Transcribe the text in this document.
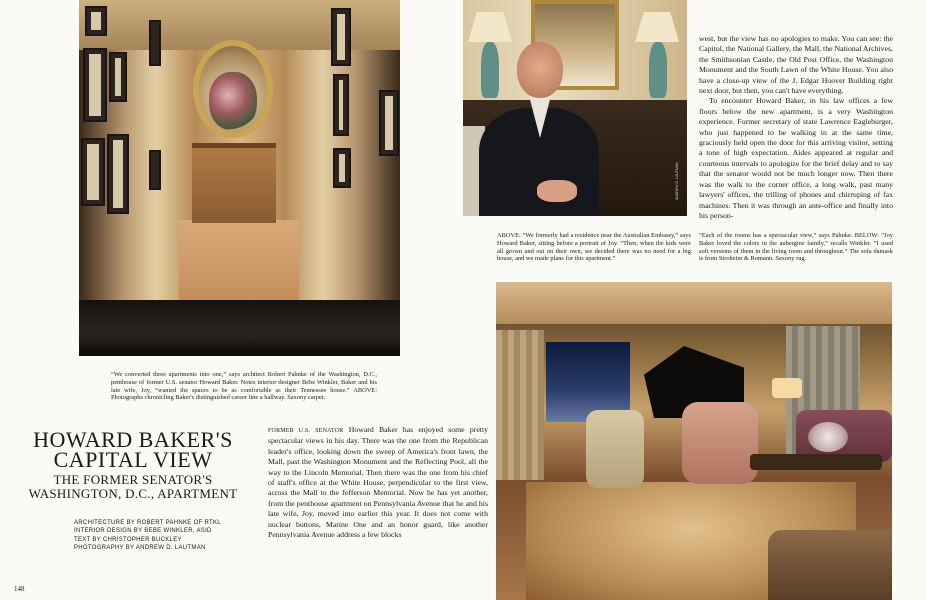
ANDREW D. LAUTMAN
“We converted three apartments into one,” says architect Robert Pahnke of the Washington, D.C., penthouse of former U.S. senator Howard Baker. Notes interior designer Bebe Winkler, Baker and his late wife, Joy, “wanted the spaces to be as comfortable as their Tennessee house.” ABOVE: Photographs chronicling Baker's distinguished career line a hallway. Saxony carpet.
ABOVE: “We formerly had a residence near the Australian Embassy,” says Howard Baker, sitting before a portrait of Joy. “Then, when the kids were all grown and out on their own, we decided there was no need for a big house, and we made plans for this apartment.”
“Each of the rooms has a spectacular view,” says Pahnke. BELOW: “Joy Baker loved the colors in the aubergine family,” recalls Winkler. “I used soft versions of them in the living room and throughout.” The sofa damask is from Stroheim & Romann. Saxony rug.
HOWARD BAKER'S
CAPITAL VIEW
THE FORMER SENATOR'S
WASHINGTON, D.C., APARTMENT
ARCHITECTURE BY ROBERT PAHNKE OF RTKL
INTERIOR DESIGN BY BEBE WINKLER, ASID
TEXT BY CHRISTOPHER BUCKLEY
PHOTOGRAPHY BY ANDREW D. LAUTMAN
FORMER U.S. SENATOR Howard Baker has enjoyed some pretty spectacular views in his day. There was the one from the Republican leader's office, looking down the sweep of America's front lawn, the Mall, past the Washington Monument and the Reflecting Pool, all the way to the Lincoln Memorial. Then there was the one from his chief of staff's office at the White House, perpendicular to the first view, across the Mall to the Jefferson Memorial. Now he has yet another, from the penthouse apartment on Pennsylvania Avenue that he and his late wife, Joy, moved into earlier this year. It does not come with nuclear buttons, Marine One and an honor guard, like another Pennsylvania Avenue address a few blocks
west, but the view has no apologies to make. You can see: the Capitol, the National Gallery, the Mall, the National Archives, the Smithsonian Castle, the Old Post Office, the Washington Monument and the South Lawn of the White House. You also have a close-up view of the J. Edgar Hoover Building right next door, but then, you can't have everything.
To encounter Howard Baker, in his law offices a few floors below the new apartment, is a very Washington experience. Former secretary of state Lawrence Eagleburger, who just happened to be walking in at the same time, graciously held open the door for this arriving visitor, setting a tone of high expectation. Aides appeared at regular and courteous intervals to apologize for the brief delay and to say that the senator would not be much longer now. Then there was the walk to the corner office, a long walk, past many lawyers' offices, the trilling of phones and chirruping of fax machines. Then it was through an ante-office and finally into his person-
148
